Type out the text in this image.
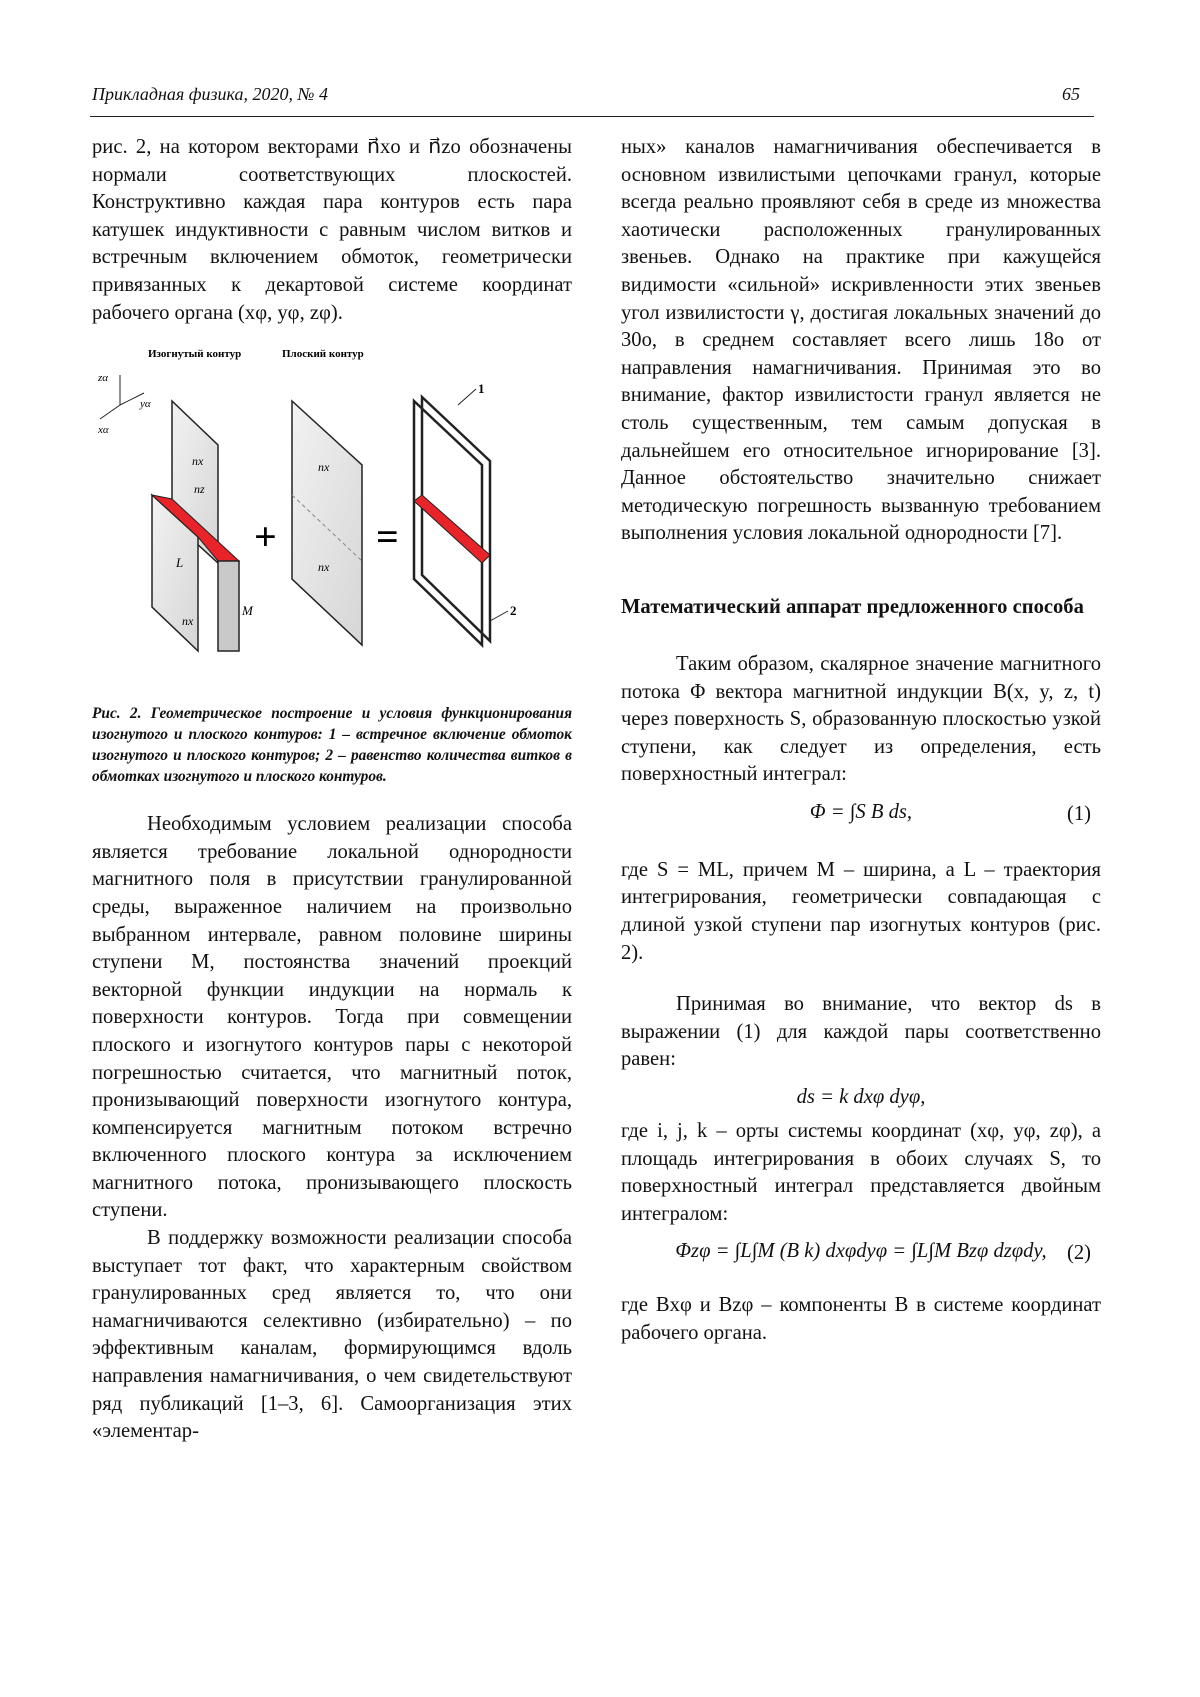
Прикладная физика, 2020, № 4	65

рис. 2, на котором векторами n⃗xо и n⃗zо обозначены нормали соответствующих плоскостей. Конструктивно каждая пара контуров есть пара катушек индуктивности с равным числом витков и встречным включением обмоток, геометрически привязанных к декартовой системе координат рабочего органа (xφ, yφ, zφ).

Изогнутый контур	Плоский контур
zα
yα
xα
nx
nz
L
M
nx
+
nx
nx
=
1
2

Рис. 2. Геометрическое построение и условия функционирования изогнутого и плоского контуров: 1 – встречное включение обмоток изогнутого и плоского контуров; 2 – равенство количества витков в обмотках изогнутого и плоского контуров.

Необходимым условием реализации способа является требование локальной однородности магнитного поля в присутствии гранулированной среды, выраженное наличием на произвольно выбранном интервале, равном половине ширины ступени M, постоянства значений проекций векторной функции индукции на нормаль к поверхности контуров. Тогда при совмещении плоского и изогнутого контуров пары с некоторой погрешностью считается, что магнитный поток, пронизывающий поверхности изогнутого контура, компенсируется магнитным потоком встречно включенного плоского контура за исключением магнитного потока, пронизывающего плоскость ступени.

В поддержку возможности реализации способа выступает тот факт, что характерным свойством гранулированных сред является то, что они намагничиваются селективно (избирательно) – по эффективным каналам, формирующимся вдоль направления намагничивания, о чем свидетельствуют ряд публикаций [1–3, 6]. Самоорганизация этих «элементар-

ных» каналов намагничивания обеспечивается в основном извилистыми цепочками гранул, которые всегда реально проявляют себя в среде из множества хаотически расположенных гранулированных звеньев. Однако на практике при кажущейся видимости «сильной» искривленности этих звеньев угол извилистости γ, достигая локальных значений до 30о, в среднем составляет всего лишь 18о от направления намагничивания. Принимая это во внимание, фактор извилистости гранул является не столь существенным, тем самым допуская в дальнейшем его относительное игнорирование [3]. Данное обстоятельство значительно снижает методическую погрешность вызванную требованием выполнения условия локальной однородности [7].

Математический аппарат предложенного способа

Таким образом, скалярное значение магнитного потока Φ вектора магнитной индукции B(x, y, z, t) через поверхность S, образованную плоскостью узкой ступени, как следует из определения, есть поверхностный интеграл:

Φ = ∫S B ds,	(1)

где S = ML, причем M – ширина, а L – траектория интегрирования, геометрически совпадающая с длиной узкой ступени пар изогнутых контуров (рис. 2).

Принимая во внимание, что вектор ds в выражении (1) для каждой пары соответственно равен:

ds = k dxφ dyφ,

где i, j, k – орты системы координат (xφ, yφ, zφ), а площадь интегрирования в обоих случаях S, то поверхностный интеграл представляется двойным интегралом:

Φzφ = ∫L∫M (B k) dxφdyφ = ∫L∫M Bzφ dzφdy, (2)

где Bxφ и Bzφ – компоненты B в системе координат рабочего органа.
